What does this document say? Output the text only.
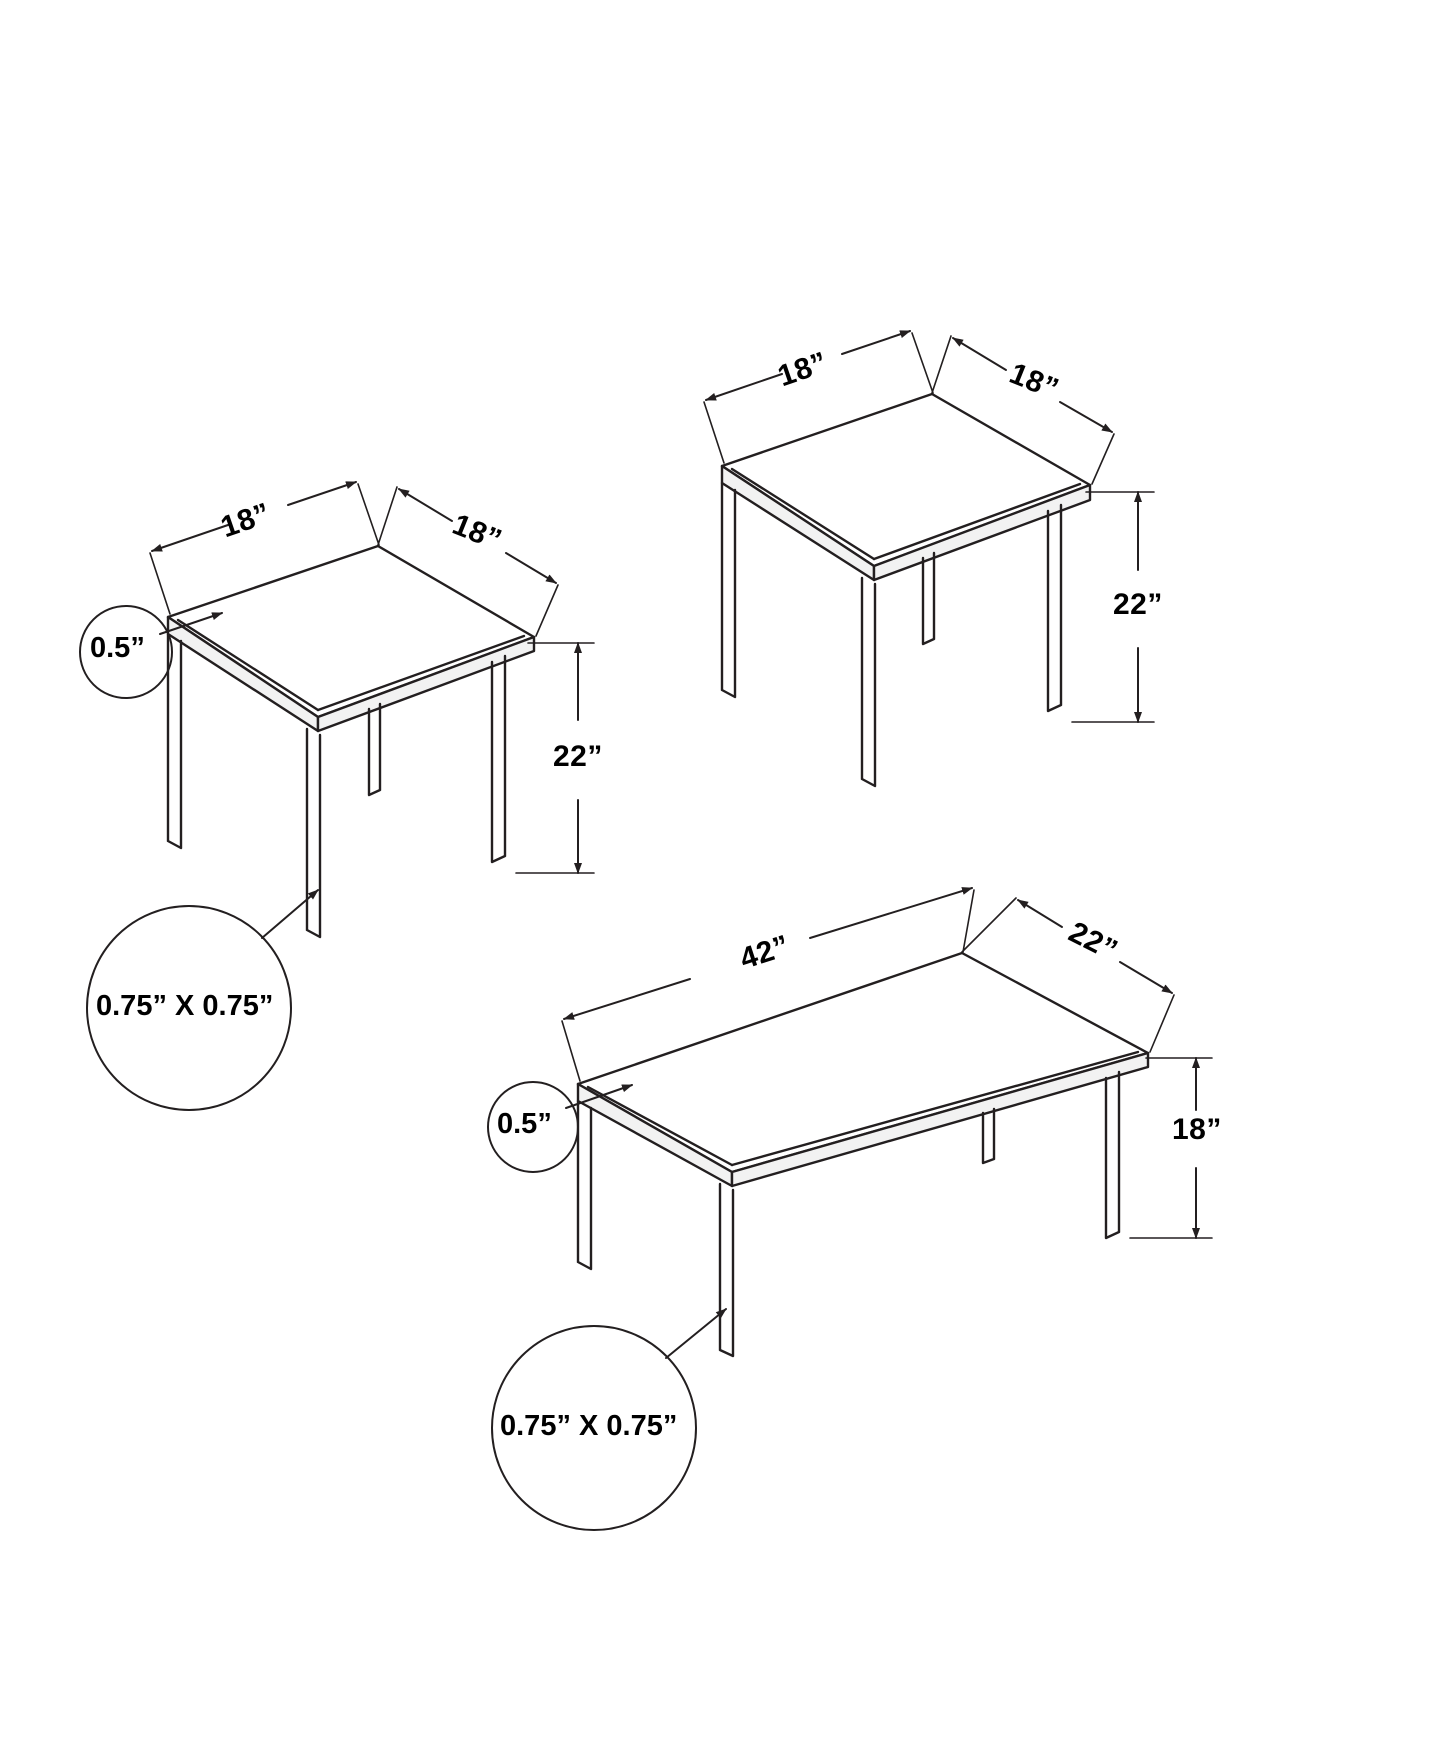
18”	18”
22”
0.5”
0.75” X 0.75”
18”	18”
22”
42”	22”
18”
0.5”
0.75” X 0.75”
